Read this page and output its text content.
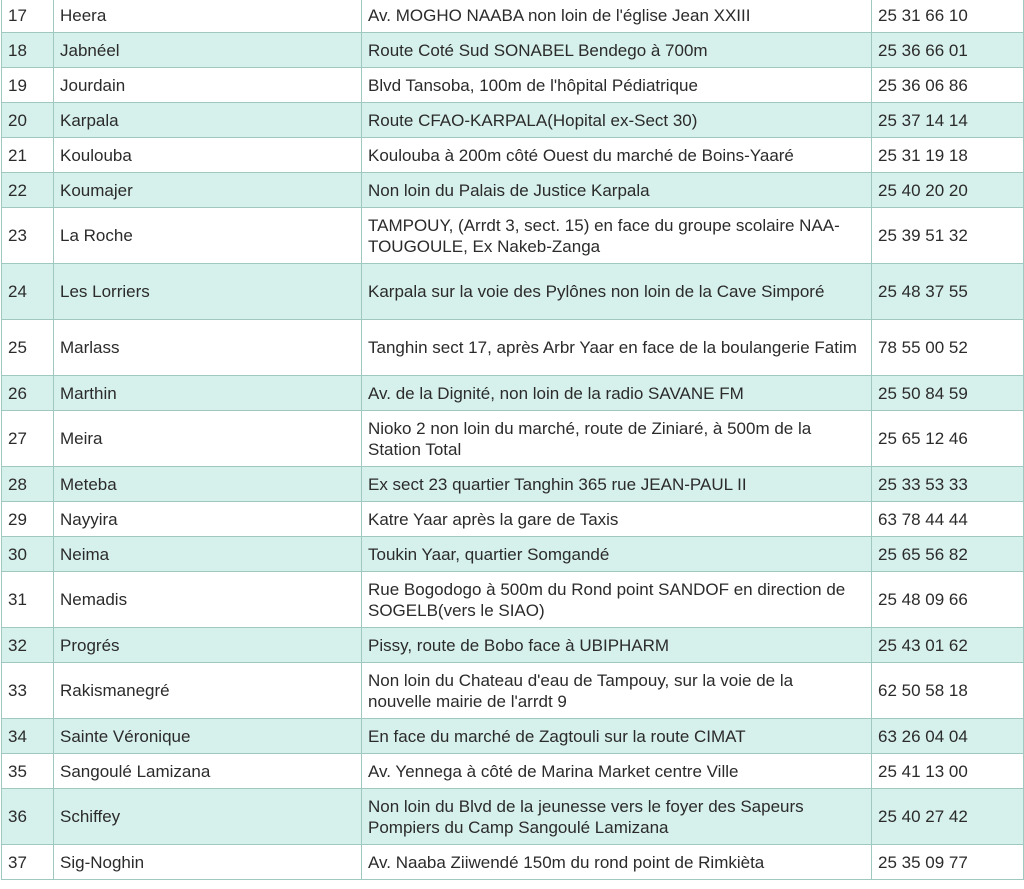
17	Heera	Av. MOGHO NAABA non loin de l'église Jean XXIII	25 31 66 10
18	Jabnéel	Route Coté Sud SONABEL Bendego à 700m	25 36 66 01
19	Jourdain	Blvd Tansoba, 100m de l'hôpital Pédiatrique	25 36 06 86
20	Karpala	Route CFAO-KARPALA(Hopital ex-Sect 30)	25 37 14 14
21	Koulouba	Koulouba à 200m côté Ouest du marché de Boins-Yaaré	25 31 19 18
22	Koumajer	Non loin du Palais de Justice Karpala	25 40 20 20
23	La Roche	TAMPOUY, (Arrdt 3, sect. 15) en face du groupe scolaire NAA-TOUGOULE, Ex Nakeb-Zanga	25 39 51 32
24	Les Lorriers	Karpala sur la voie des Pylônes non loin de la Cave Simporé	25 48 37 55
25	Marlass	Tanghin sect 17, après Arbr Yaar en face de la boulangerie Fatim	78 55 00 52
26	Marthin	Av. de la Dignité, non loin de la radio SAVANE FM	25 50 84 59
27	Meira	Nioko 2 non loin du marché, route de Ziniaré, à 500m de la Station Total	25 65 12 46
28	Meteba	Ex sect 23 quartier Tanghin 365 rue JEAN-PAUL II	25 33 53 33
29	Nayyira	Katre Yaar après la gare de Taxis	63 78 44 44
30	Neima	Toukin Yaar, quartier Somgandé	25 65 56 82
31	Nemadis	Rue Bogodogo à 500m du Rond point SANDOF en direction de SOGELB(vers le SIAO)	25 48 09 66
32	Progrés	Pissy, route de Bobo face à UBIPHARM	25 43 01 62
33	Rakismanegré	Non loin du Chateau d'eau de Tampouy, sur la voie de la nouvelle mairie de l'arrdt 9	62 50 58 18
34	Sainte Véronique	En face du marché de Zagtouli sur la route CIMAT	63 26 04 04
35	Sangoulé Lamizana	Av. Yennega à côté de Marina Market centre Ville	25 41 13 00
36	Schiffey	Non loin du Blvd de la jeunesse vers le foyer des Sapeurs Pompiers du Camp Sangoulé Lamizana	25 40 27 42
37	Sig-Noghin	Av. Naaba Ziiwendé 150m du rond point de Rimkièta	25 35 09 77
